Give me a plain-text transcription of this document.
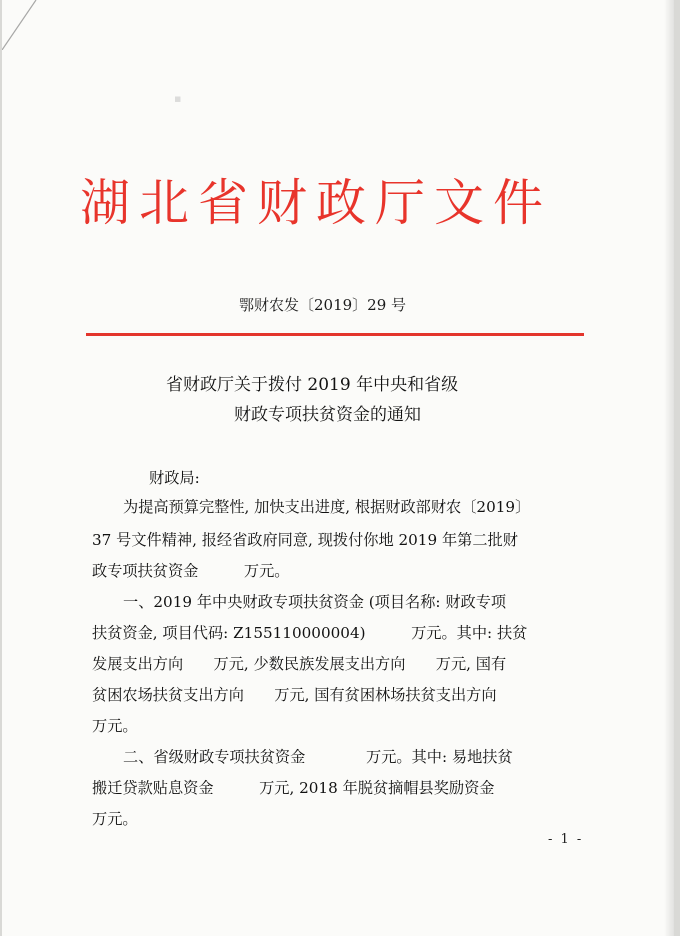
▪
湖北省财政厅文件
鄂财农发〔2019〕29 号
省财政厅关于拨付 2019 年中央和省级
财政专项扶贫资金的通知
财政局:
为提高预算完整性, 加快支出进度, 根据财政部财农〔2019〕
37 号文件精神, 报经省政府同意, 现拨付你地 2019 年第二批财
政专项扶贫资金　　　万元。
一、2019 年中央财政专项扶贫资金 (项目名称: 财政专项
扶贫资金, 项目代码: Z155110000004)　　　万元。其中: 扶贫
发展支出方向　　万元, 少数民族发展支出方向　　万元, 国有
贫困农场扶贫支出方向　　万元, 国有贫困林场扶贫支出方向
万元。
二、省级财政专项扶贫资金　　　　万元。其中: 易地扶贫
搬迁贷款贴息资金　　　万元, 2018 年脱贫摘帽县奖励资金
万元。
- 1 -
